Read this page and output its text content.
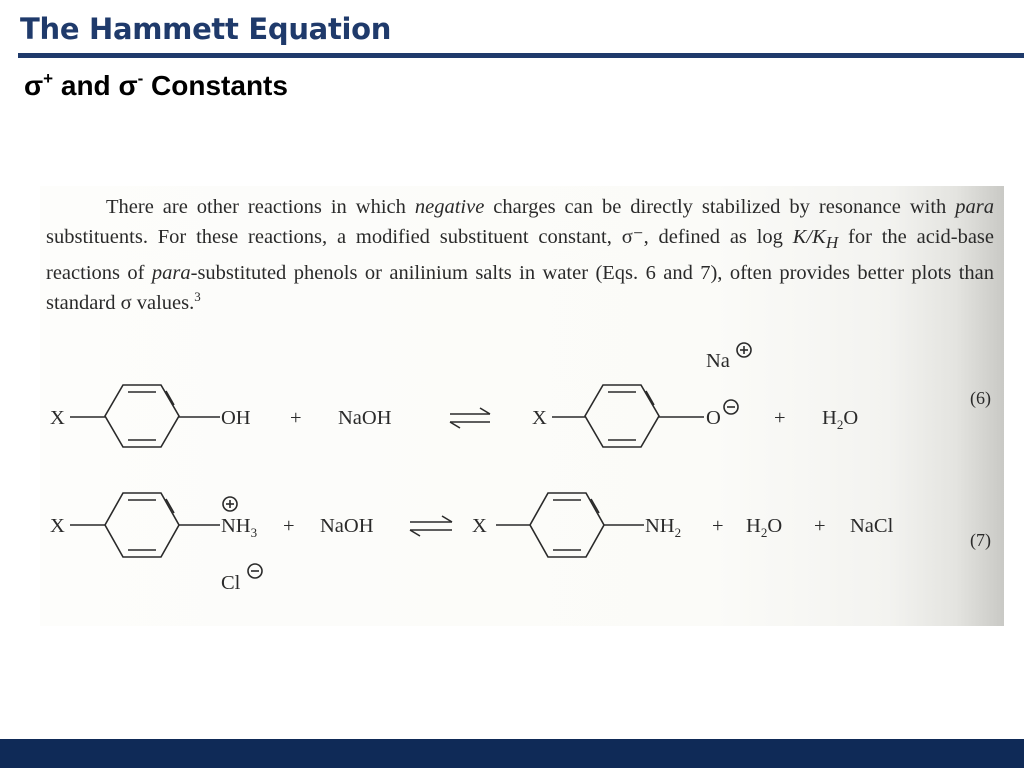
The Hammett Equation
σ+ and σ- Constants

There are other reactions in which negative charges can be directly stabilized by resonance with para substituents. For these reactions, a modified substituent constant, σ⁻, defined as $\log K/K_H$ for the acid-base reactions of para-substituted phenols or anilinium salts in water (Eqs. 6 and 7), often provides better plots than standard σ values.$^3$

X	OH + NaOH	X	O
Na
+ $H_2O$
(6)
X	$NH_3$ + NaOH	X	$NH_2 + H_2O$ + NaCl
Cl
(7)
